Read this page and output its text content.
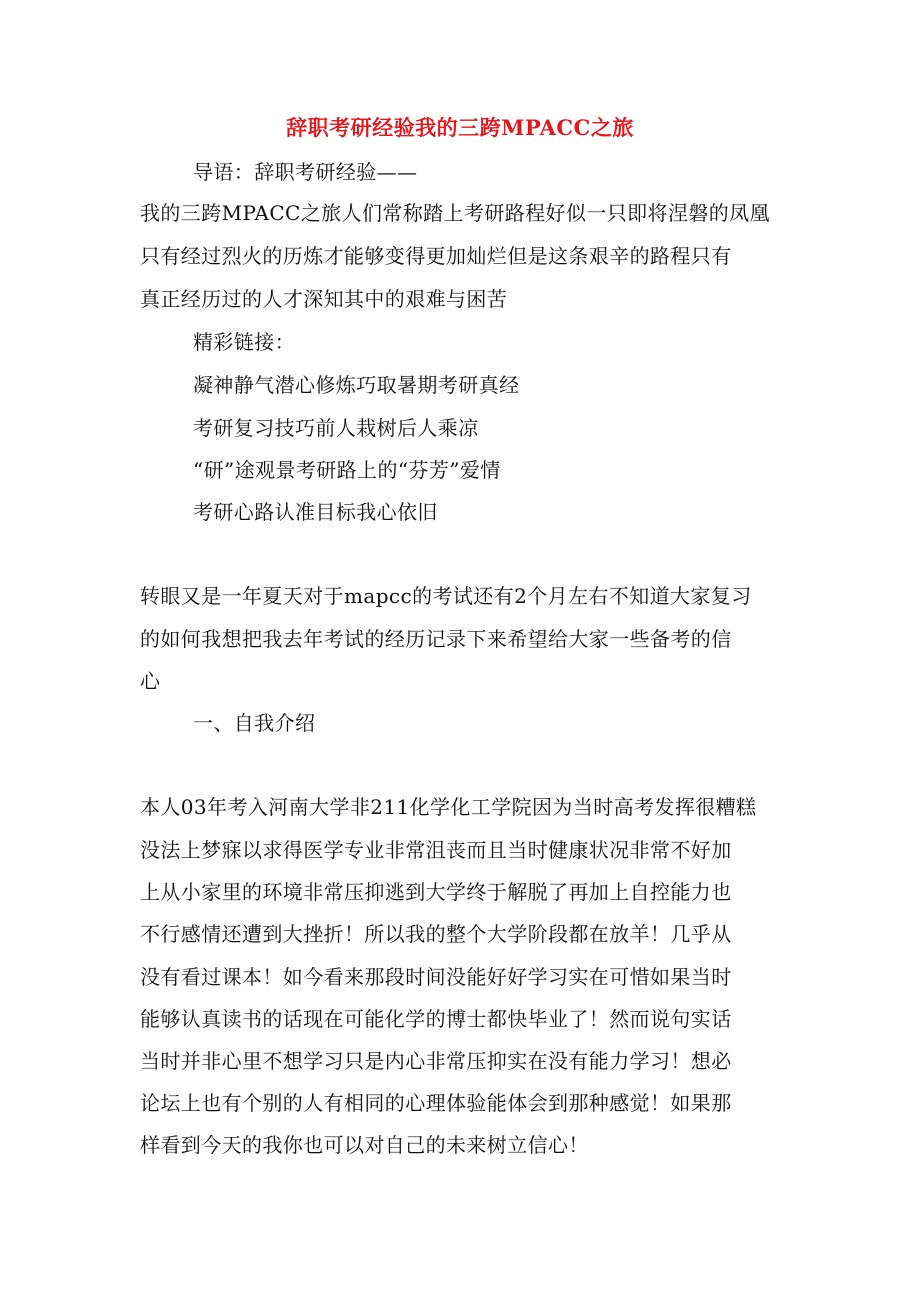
辞职考研经验我的三跨MPACC之旅
导语：辞职考研经验——
我的三跨MPACC之旅人们常称踏上考研路程好似一只即将涅磐的凤凰
只有经过烈火的历炼才能够变得更加灿烂但是这条艰辛的路程只有
真正经历过的人才深知其中的艰难与困苦
精彩链接：
凝神静气潜心修炼巧取暑期考研真经
考研复习技巧前人栽树后人乘凉
“研”途观景考研路上的“芬芳”爱情
考研心路认准目标我心依旧
转眼又是一年夏天对于mapcc的考试还有2个月左右不知道大家复习
的如何我想把我去年考试的经历记录下来希望给大家一些备考的信
心
一、自我介绍
本人03年考入河南大学非211化学化工学院因为当时高考发挥很糟糕
没法上梦寐以求得医学专业非常沮丧而且当时健康状况非常不好加
上从小家里的环境非常压抑逃到大学终于解脱了再加上自控能力也
不行感情还遭到大挫折！所以我的整个大学阶段都在放羊！几乎从
没有看过课本！如今看来那段时间没能好好学习实在可惜如果当时
能够认真读书的话现在可能化学的博士都快毕业了！然而说句实话
当时并非心里不想学习只是内心非常压抑实在没有能力学习！想必
论坛上也有个别的人有相同的心理体验能体会到那种感觉！如果那
样看到今天的我你也可以对自己的未来树立信心！
